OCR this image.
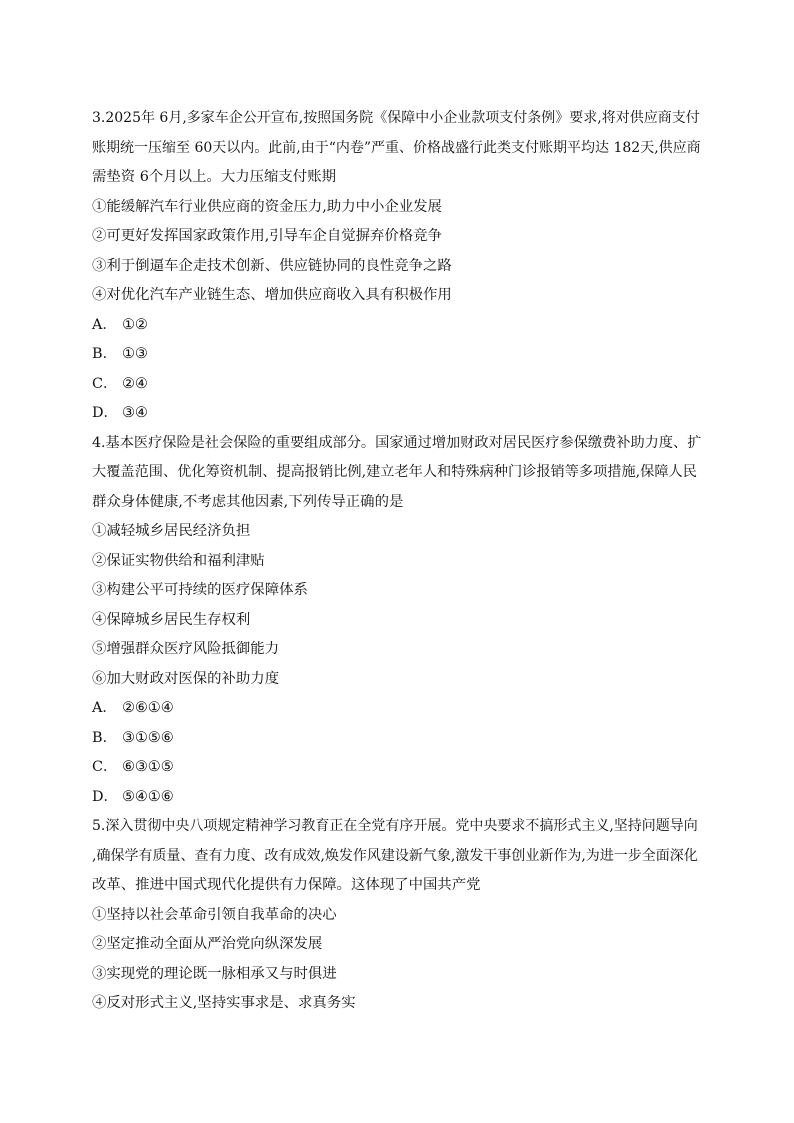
3.2025年 6月,多家车企公开宣布,按照国务院《保障中小企业款项支付条例》要求,将对供应商支付
账期统一压缩至 60天以内。此前,由于“内卷”严重、价格战盛行此类支付账期平均达 182天,供应商
需垫资 6个月以上。大力压缩支付账期
①能缓解汽车行业供应商的资金压力,助力中小企业发展
②可更好发挥国家政策作用,引导车企自觉摒弃价格竞争
③利于倒逼车企走技术创新、供应链协同的良性竞争之路
④对优化汽车产业链生态、增加供应商收入具有积极作用
A． ①②
B． ①③
C． ②④
D． ③④
4.基本医疗保险是社会保险的重要组成部分。国家通过增加财政对居民医疗参保缴费补助力度、扩
大覆盖范围、优化筹资机制、提高报销比例,建立老年人和特殊病种门诊报销等多项措施,保障人民
群众身体健康,不考虑其他因素,下列传导正确的是
①减轻城乡居民经济负担
②保证实物供给和福利津贴
③构建公平可持续的医疗保障体系
④保障城乡居民生存权利
⑤增强群众医疗风险抵御能力
⑥加大财政对医保的补助力度
A． ②⑥①④
B． ③①⑤⑥
C． ⑥③①⑤
D． ⑤④①⑥
5.深入贯彻中央八项规定精神学习教育正在全党有序开展。党中央要求不搞形式主义,坚持问题导向
,确保学有质量、查有力度、改有成效,焕发作风建设新气象,激发干事创业新作为,为进一步全面深化
改革、推进中国式现代化提供有力保障。这体现了中国共产党
①坚持以社会革命引领自我革命的决心
②坚定推动全面从严治党向纵深发展
③实现党的理论既一脉相承又与时俱进
④反对形式主义,坚持实事求是、求真务实
